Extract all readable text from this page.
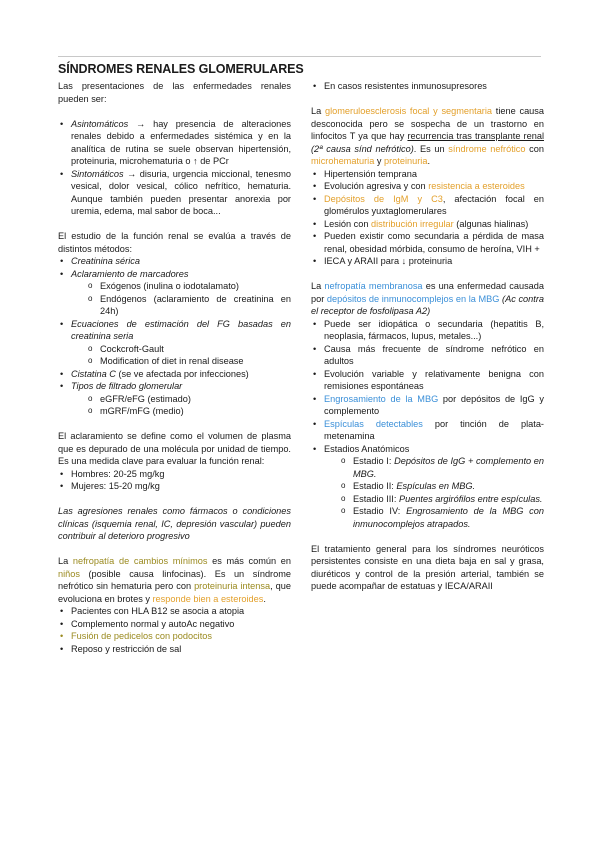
SÍNDROMES RENALES GLOMERULARES

Las presentaciones de las enfermedades renales pueden ser:

• Asintomáticos → hay presencia de alteraciones renales debido a enfermedades sistémica y en la analítica de rutina se suele observan hipertensión, proteinuria, microhematuria o ↑ de PCr
• Sintomáticos → disuria, urgencia miccional, tenesmo vesical, dolor vesical, cólico nefrítico, hematuria. Aunque también pueden presentar anorexia por uremia, edema, mal sabor de boca...

El estudio de la función renal se evalúa a través de distintos métodos:

• Creatinina sérica
• Aclaramiento de marcadores
o Exógenos (inulina o iodotalamato)
o Endógenos (aclaramiento de creatinina en 24h)
• Ecuaciones de estimación del FG basadas en creatinina seria
o Cockcroft-Gault
o Modification of diet in renal disease
• Cistatina C (se ve afectada por infecciones)
• Tipos de filtrado glomerular
o eGFR/eFG (estimado)
o mGRF/mFG (medio)

El aclaramiento se define como el volumen de plasma que es depurado de una molécula por unidad de tiempo. Es una medida clave para evaluar la función renal:

• Hombres: 20-25 mg/kg
• Mujeres: 15-20 mg/kg

Las agresiones renales como fármacos o condiciones clínicas (isquemia renal, IC, depresión vascular) pueden contribuir al deterioro progresivo

La nefropatía de cambios mínimos es más común en niños (posible causa linfocinas). Es un síndrome nefrótico sin hematuria pero con proteinuria intensa, que evoluciona en brotes y responde bien a esteroides.

• Pacientes con HLA B12 se asocia a atopia
• Complemento normal y autoAc negativo
• Fusión de pedicelos con podocitos
• Reposo y restricción de sal
• En casos resistentes inmunosupresores

La glomeruloesclerosis focal y segmentaria tiene causa desconocida pero se sospecha de un trastorno en linfocitos T ya que hay recurrencia tras transplante renal (2ª causa sínd nefrótico). Es un síndrome nefrótico con microhematuria y proteinuria.

• Hipertensión temprana
• Evolución agresiva y con resistencia a esteroides
• Depósitos de IgM y C3, afectación focal en glomérulos yuxtaglomerulares
• Lesión con distribución irregular (algunas hialinas)
• Pueden existir como secundaria a pérdida de masa renal, obesidad mórbida, consumo de heroína, VIH +
• IECA y ARAII para ↓ proteinuria

La nefropatía membranosa es una enfermedad causada por depósitos de inmunocomplejos en la MBG (Ac contra el receptor de fosfolipasa A2)

• Puede ser idiopática o secundaria (hepatitis B, neoplasia, fármacos, lupus, metales...)
• Causa más frecuente de síndrome nefrótico en adultos
• Evolución variable y relativamente benigna con remisiones espontáneas
• Engrosamiento de la MBG por depósitos de IgG y complemento
• Espículas detectables por tinción de plata-metenamina
• Estadios Anatómicos
o Estadio I: Depósitos de IgG + complemento en MBG.
o Estadio II: Espículas en MBG.
o Estadio III: Puentes argirófilos entre espículas.
o Estadio IV: Engrosamiento de la MBG con inmunocomplejos atrapados.

El tratamiento general para los síndromes neuróticos persistentes consiste en una dieta baja en sal y grasa, diuréticos y control de la presión arterial, también se puede acompañar de estatuas y IECA/ARAII
